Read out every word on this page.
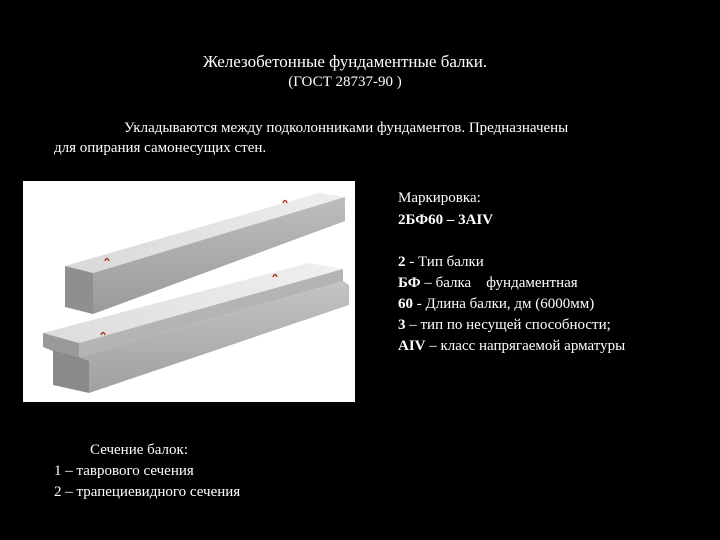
Железобетонные фундаментные балки.
(ГОСТ 28737-90 )
Укладываются между подколонниками фундаментов. Предназначены
для опирания самонесущих стен.
Маркировка:
2БФ60 – 3AIV
2 - Тип балки
БФ – балка    фундаментная
60 - Длина балки, дм (6000мм)
3 – тип по несущей способности;
AIV – класс напрягаемой арматуры
Сечение балок:
1 – таврового сечения
2 – трапециевидного сечения
